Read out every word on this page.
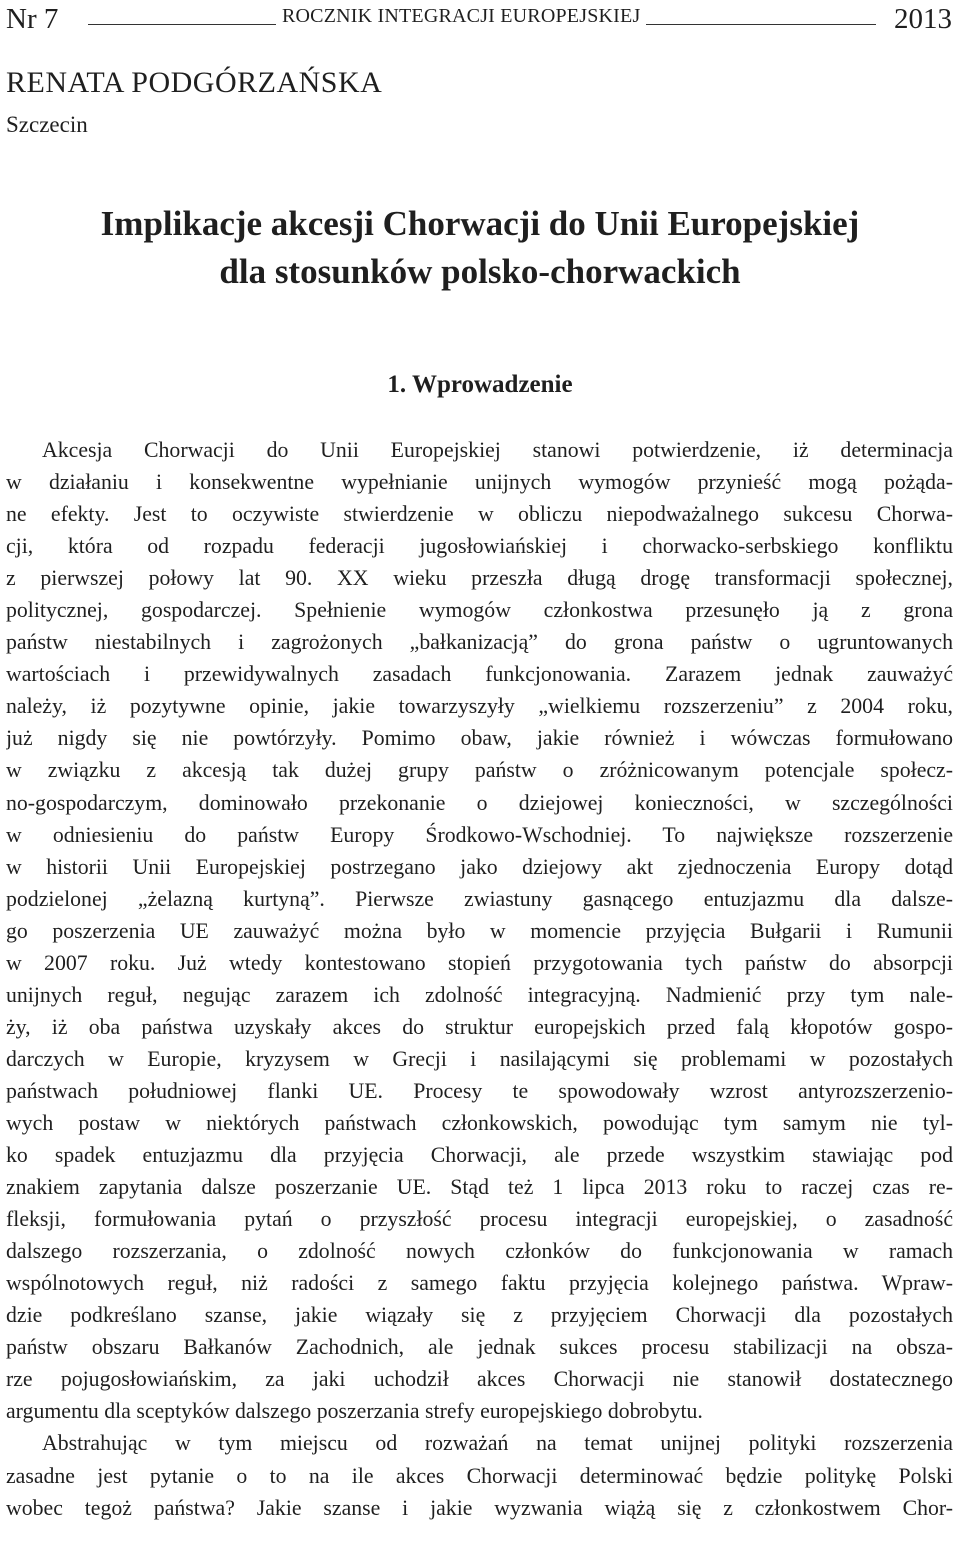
Nr 7	ROCZNIK INTEGRACJI EUROPEJSKIEJ	2013
RENATA PODGÓRZAŃSKA
Szczecin
Implikacje akcesji Chorwacji do Unii Europejskiej
dla stosunków polsko-chorwackich
1. Wprowadzenie
Akcesja Chorwacji do Unii Europejskiej stanowi potwierdzenie, iż determinacja
w działaniu i konsekwentne wypełnianie unijnych wymogów przynieść mogą pożąda-
ne efekty. Jest to oczywiste stwierdzenie w obliczu niepodważalnego sukcesu Chorwa-
cji, która od rozpadu federacji jugosłowiańskiej i chorwacko-serbskiego konfliktu
z pierwszej połowy lat 90. XX wieku przeszła długą drogę transformacji społecznej,
politycznej, gospodarczej. Spełnienie wymogów członkostwa przesunęło ją z grona
państw niestabilnych i zagrożonych „bałkanizacją” do grona państw o ugruntowanych
wartościach i przewidywalnych zasadach funkcjonowania. Zarazem jednak zauważyć
należy, iż pozytywne opinie, jakie towarzyszyły „wielkiemu rozszerzeniu” z 2004 roku,
już nigdy się nie powtórzyły. Pomimo obaw, jakie również i wówczas formułowano
w związku z akcesją tak dużej grupy państw o zróżnicowanym potencjale społecz-
no-gospodarczym, dominowało przekonanie o dziejowej konieczności, w szczególności
w odniesieniu do państw Europy Środkowo-Wschodniej. To największe rozszerzenie
w historii Unii Europejskiej postrzegano jako dziejowy akt zjednoczenia Europy dotąd
podzielonej „żelazną kurtyną”. Pierwsze zwiastuny gasnącego entuzjazmu dla dalsze-
go poszerzenia UE zauważyć można było w momencie przyjęcia Bułgarii i Rumunii
w 2007 roku. Już wtedy kontestowano stopień przygotowania tych państw do absorpcji
unijnych reguł, negując zarazem ich zdolność integracyjną. Nadmienić przy tym nale-
ży, iż oba państwa uzyskały akces do struktur europejskich przed falą kłopotów gospo-
darczych w Europie, kryzysem w Grecji i nasilającymi się problemami w pozostałych
państwach południowej flanki UE. Procesy te spowodowały wzrost antyrozszerzenio-
wych postaw w niektórych państwach członkowskich, powodując tym samym nie tyl-
ko spadek entuzjazmu dla przyjęcia Chorwacji, ale przede wszystkim stawiając pod
znakiem zapytania dalsze poszerzanie UE. Stąd też 1 lipca 2013 roku to raczej czas re-
fleksji, formułowania pytań o przyszłość procesu integracji europejskiej, o zasadność
dalszego rozszerzania, o zdolność nowych członków do funkcjonowania w ramach
wspólnotowych reguł, niż radości z samego faktu przyjęcia kolejnego państwa. Wpraw-
dzie podkreślano szanse, jakie wiązały się z przyjęciem Chorwacji dla pozostałych
państw obszaru Bałkanów Zachodnich, ale jednak sukces procesu stabilizacji na obsza-
rze pojugosłowiańskim, za jaki uchodził akces Chorwacji nie stanowił dostatecznego
argumentu dla sceptyków dalszego poszerzania strefy europejskiego dobrobytu.
Abstrahując w tym miejscu od rozważań na temat unijnej polityki rozszerzenia
zasadne jest pytanie o to na ile akces Chorwacji determinować będzie politykę Polski
wobec tegoż państwa? Jakie szanse i jakie wyzwania wiążą się z członkostwem Chor-
